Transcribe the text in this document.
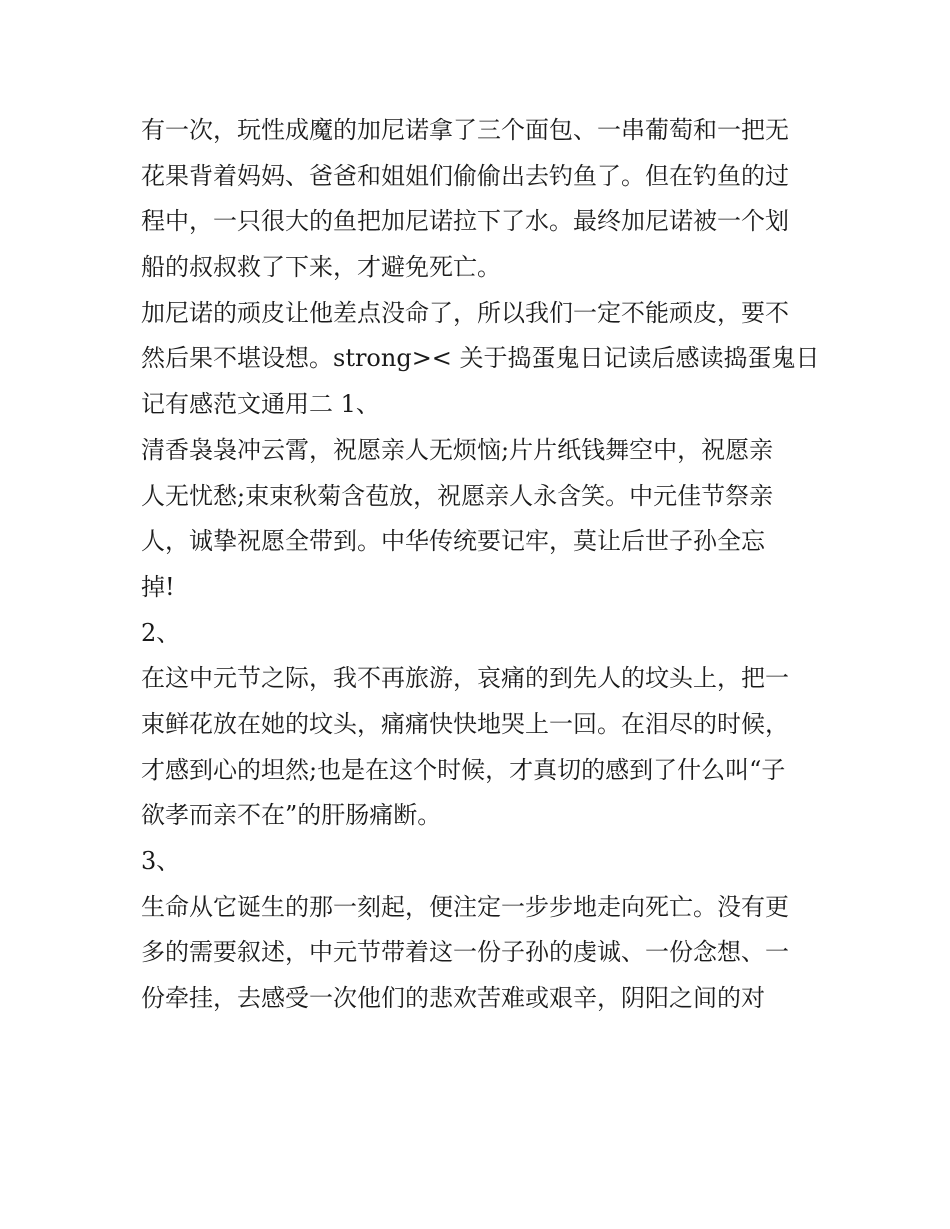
有一次，玩性成魔的加尼诺拿了三个面包、一串葡萄和一把无
花果背着妈妈、爸爸和姐姐们偷偷出去钓鱼了。但在钓鱼的过
程中，一只很大的鱼把加尼诺拉下了水。最终加尼诺被一个划
船的叔叔救了下来，才避免死亡。

加尼诺的顽皮让他差点没命了，所以我们一定不能顽皮，要不
然后果不堪设想。strong>< 关于捣蛋鬼日记读后感读捣蛋鬼日
记有感范文通用二 1、

清香袅袅冲云霄，祝愿亲人无烦恼;片片纸钱舞空中，祝愿亲
人无忧愁;束束秋菊含苞放，祝愿亲人永含笑。中元佳节祭亲
人，诚挚祝愿全带到。中华传统要记牢，莫让后世子孙全忘
掉!

2、

在这中元节之际，我不再旅游，哀痛的到先人的坟头上，把一
束鲜花放在她的坟头，痛痛快快地哭上一回。在泪尽的时候，
才感到心的坦然;也是在这个时候，才真切的感到了什么叫“子
欲孝而亲不在”的肝肠痛断。

3、

生命从它诞生的那一刻起，便注定一步步地走向死亡。没有更
多的需要叙述，中元节带着这一份子孙的虔诚、一份念想、一
份牵挂，去感受一次他们的悲欢苦难或艰辛，阴阳之间的对
